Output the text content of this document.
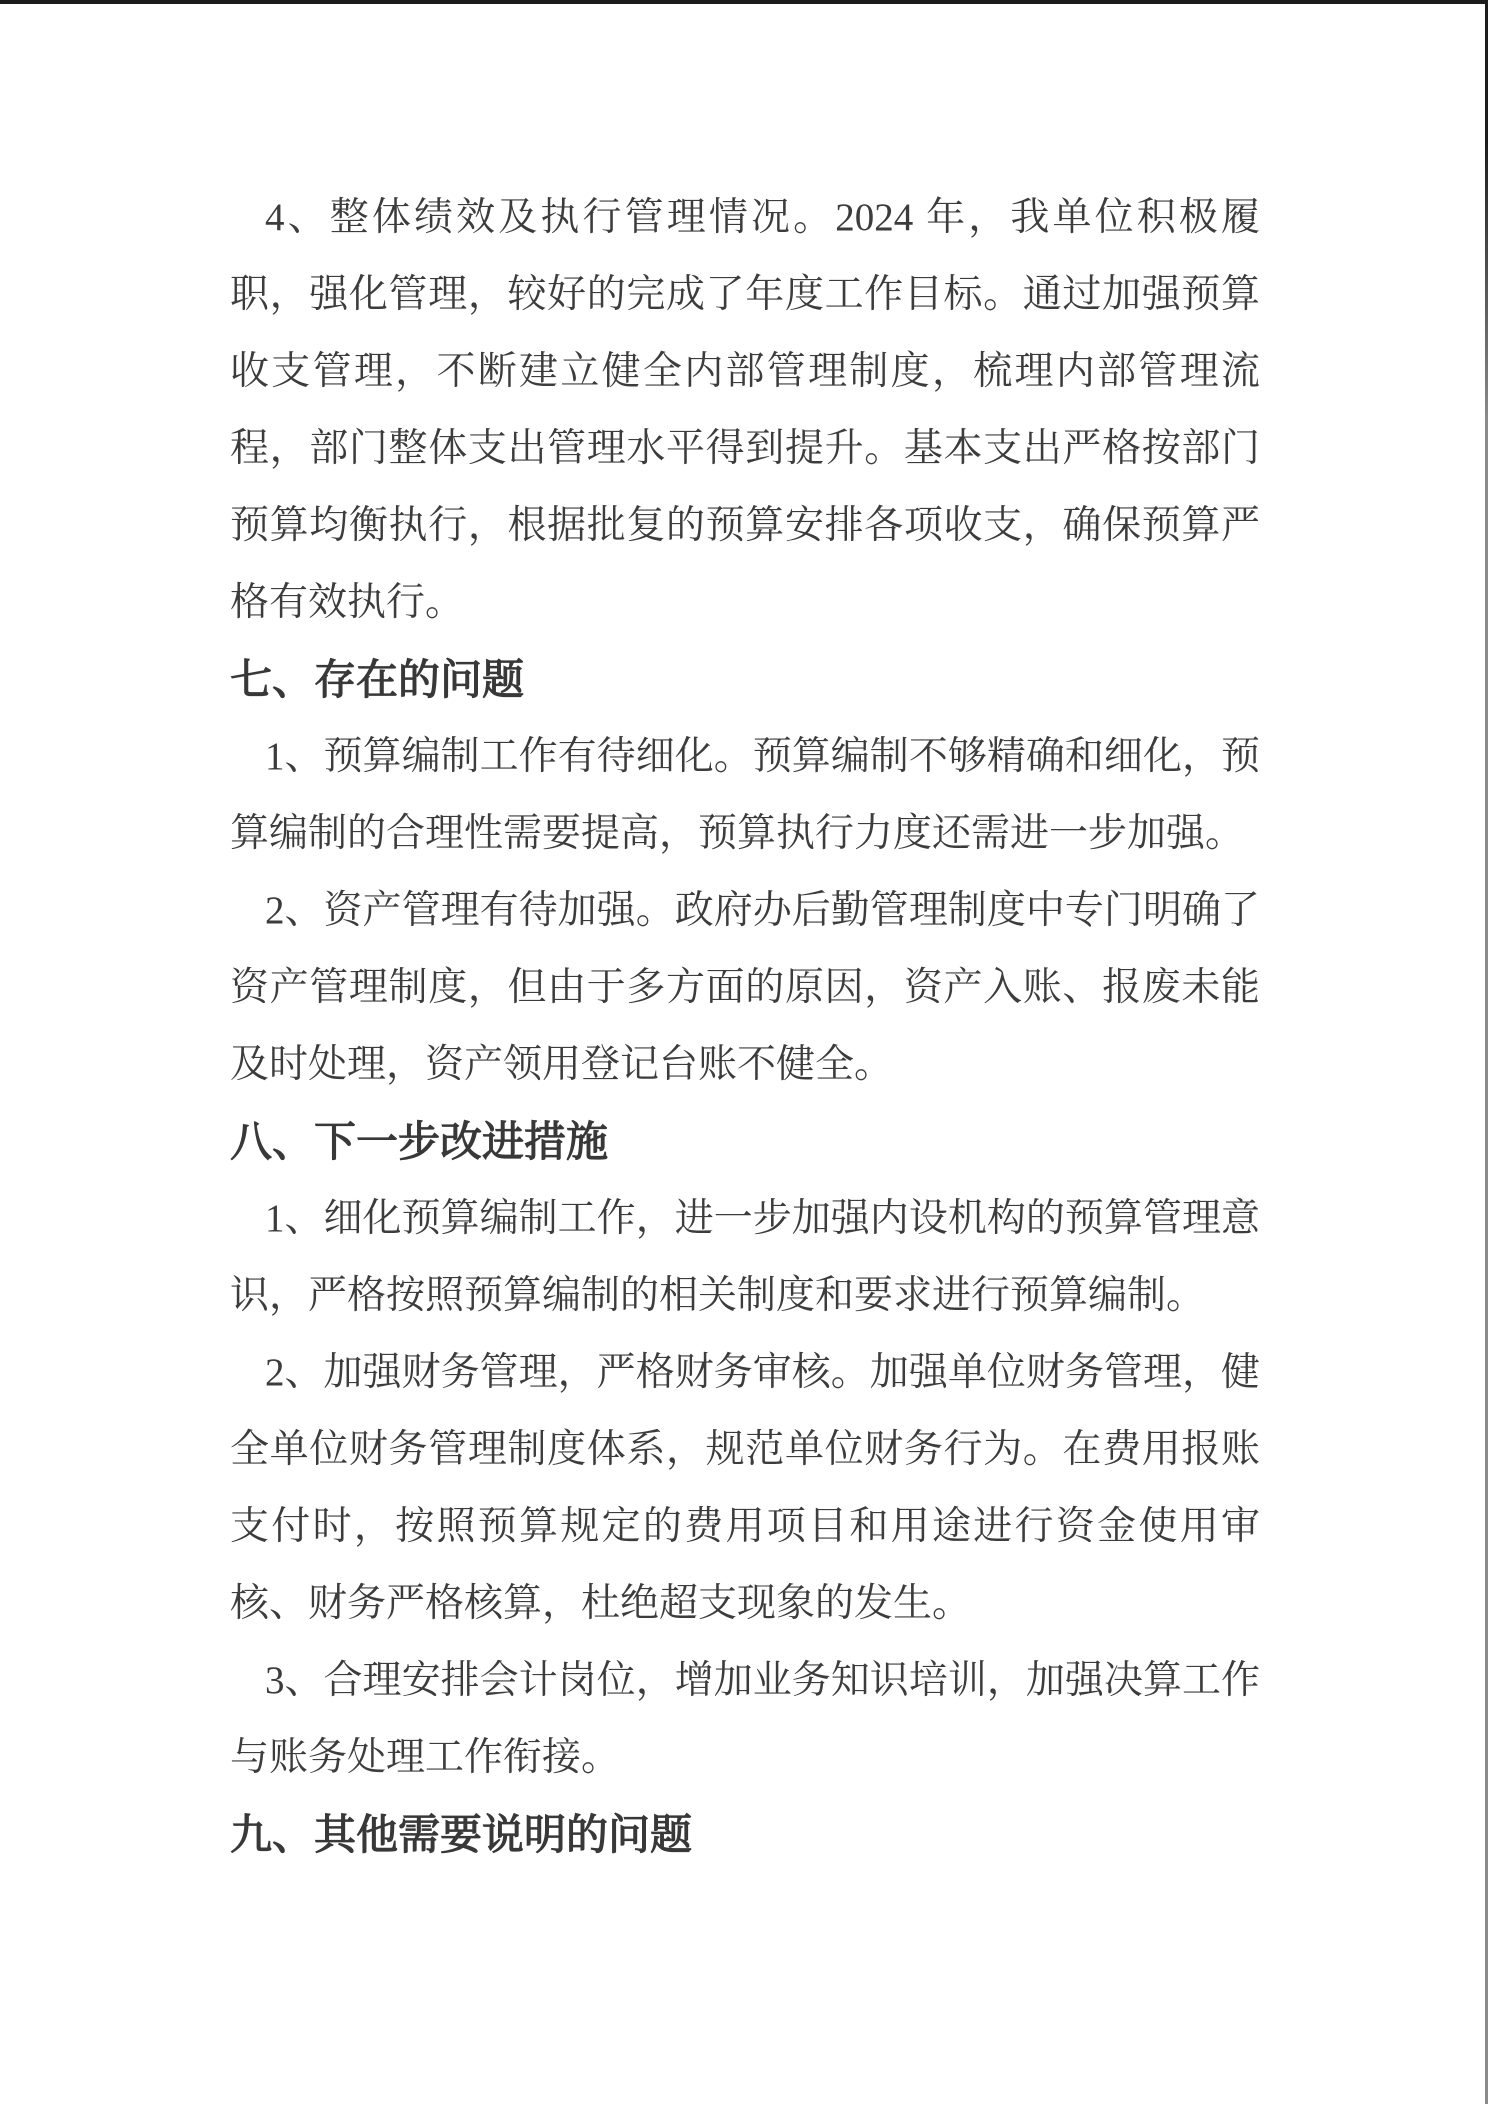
4、整体绩效及执行管理情况。2024 年，我单位积极履职，强化管理，较好的完成了年度工作目标。通过加强预算收支管理，不断建立健全内部管理制度，梳理内部管理流程，部门整体支出管理水平得到提升。基本支出严格按部门预算均衡执行，根据批复的预算安排各项收支，确保预算严格有效执行。
七、存在的问题
1、预算编制工作有待细化。预算编制不够精确和细化，预算编制的合理性需要提高，预算执行力度还需进一步加强。
2、资产管理有待加强。政府办后勤管理制度中专门明确了资产管理制度，但由于多方面的原因，资产入账、报废未能及时处理，资产领用登记台账不健全。
八、下一步改进措施
1、细化预算编制工作，进一步加强内设机构的预算管理意识，严格按照预算编制的相关制度和要求进行预算编制。
2、加强财务管理，严格财务审核。加强单位财务管理，健全单位财务管理制度体系，规范单位财务行为。在费用报账支付时，按照预算规定的费用项目和用途进行资金使用审核、财务严格核算，杜绝超支现象的发生。
3、合理安排会计岗位，增加业务知识培训，加强决算工作与账务处理工作衔接。
九、其他需要说明的问题
